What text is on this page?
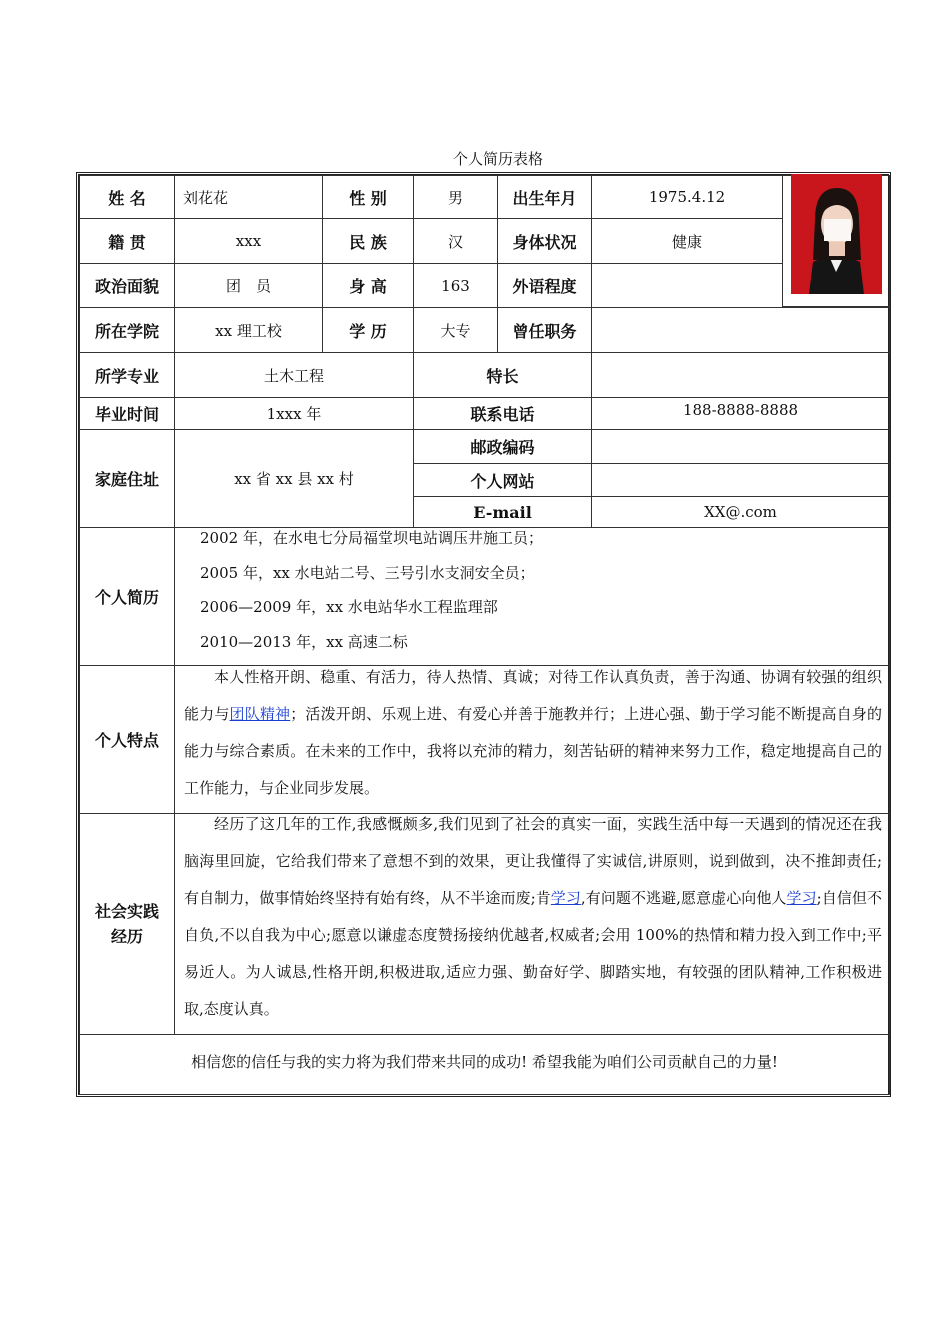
个人简历表格
姓 名	刘花花	性 别	男	出生年月	1975.4.12
籍 贯	xxx	民 族	汉	身体状况	健康
政治面貌	团　员	身 高	163	外语程度
所在学院	xx 理工校	学 历	大专	曾任职务
所学专业	土木工程	特长
毕业时间	1xxx 年	联系电话	188-8888-8888
家庭住址	xx 省 xx 县 xx 村
邮政编码
个人网站
E-mail	XX@.com
个人简历
2002 年，在水电七分局福堂坝电站调压井施工员；
2005 年，xx 水电站二号、三号引水支洞安全员；
2006—2009 年，xx 水电站华水工程监理部
2010—2013 年，xx 高速二标
个人特点
本人性格开朗、稳重、有活力，待人热情、真诚；对待工作认真负责，善于沟通、协调有较强的组织能力与团队精神；活泼开朗、乐观上进、有爱心并善于施教并行；上进心强、勤于学习能不断提高自身的能力与综合素质。在未来的工作中，我将以充沛的精力，刻苦钻研的精神来努力工作，稳定地提高自己的工作能力，与企业同步发展。
社会实践
经历
经历了这几年的工作,我感慨颇多,我们见到了社会的真实一面，实践生活中每一天遇到的情况还在我脑海里回旋，它给我们带来了意想不到的效果，更让我懂得了实诚信,讲原则，说到做到，决不推卸责任;有自制力，做事情始终坚持有始有终，从不半途而废;肯学习,有问题不逃避,愿意虚心向他人学习;自信但不自负,不以自我为中心;愿意以谦虚态度赞扬接纳优越者,权威者;会用 100%的热情和精力投入到工作中;平易近人。为人诚恳,性格开朗,积极进取,适应力强、勤奋好学、脚踏实地，有较强的团队精神,工作积极进取,态度认真。
相信您的信任与我的实力将为我们带来共同的成功! 希望我能为咱们公司贡献自己的力量!
